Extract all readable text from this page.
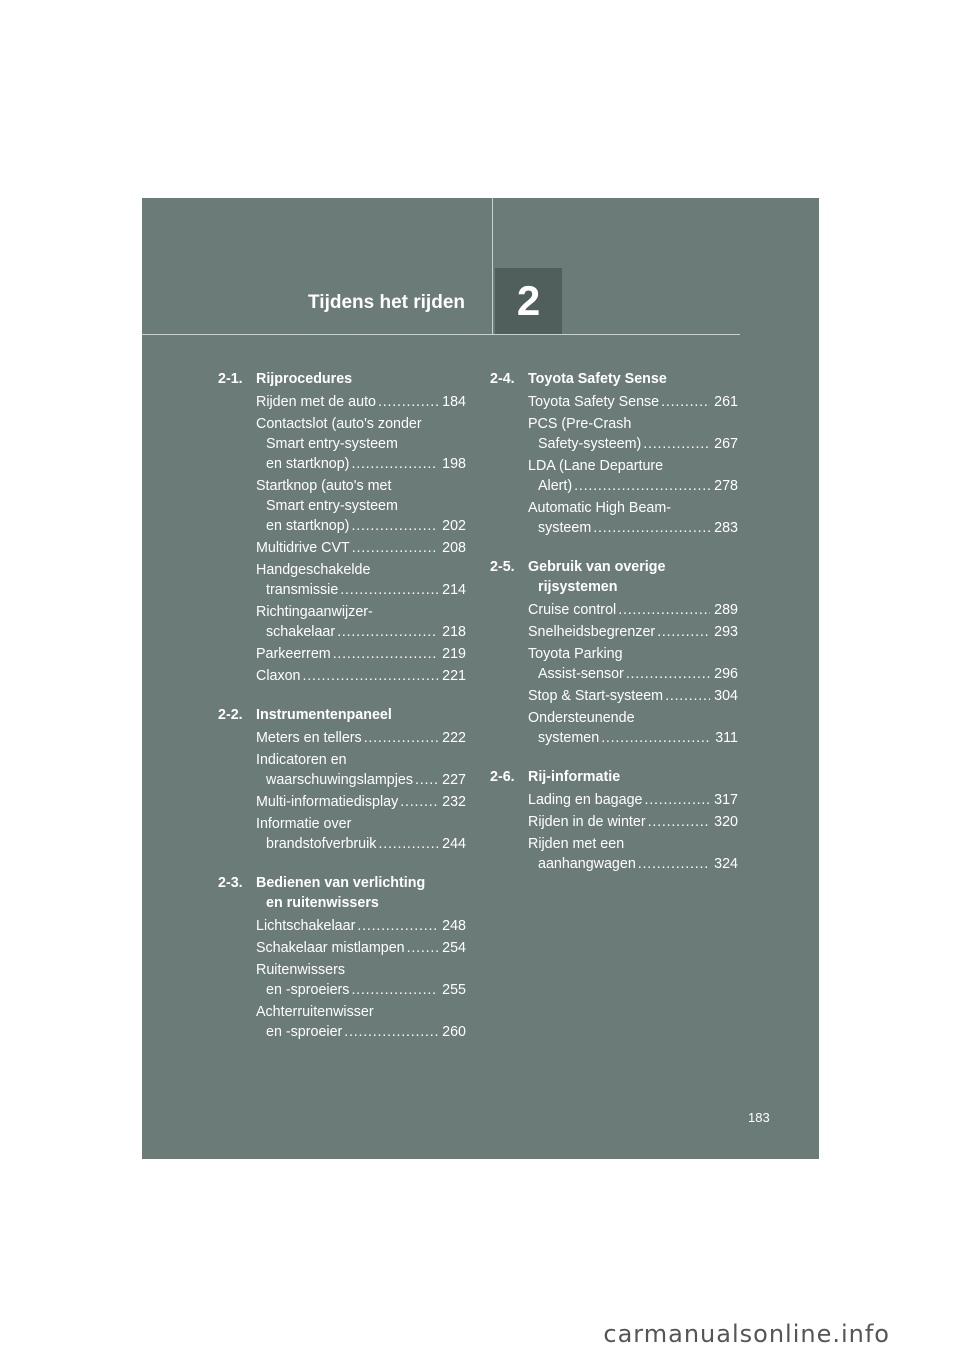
2
Tijdens het rijden
2-1. Rijprocedures
Rijden met de auto . . .	184
Contactslot (auto's zonder
Smart entry-systeem
en startknop) . . .	198
Startknop (auto's met
Smart entry-systeem
en startknop) . . .	202
Multidrive CVT . . .	208
Handgeschakelde
transmissie . . .	214
Richtingaanwijzer-
schakelaar . . .	218
Parkeerrem . . .	219
Claxon . . .	221
2-2. Instrumentenpaneel
Meters en tellers . . .	222
Indicatoren en
waarschuwingslampjes . . . 227
Multi-informatiedisplay . . .	232
Informatie over
brandstofverbruik . . .	244
2-3. Bedienen van verlichting
en ruitenwissers
Lichtschakelaar . . .	248
Schakelaar mistlampen . . .	254
Ruitenwissers
en -sproeiers . . .	255
Achterruitenwisser
en -sproeier . . .	260
2-4. Toyota Safety Sense
Toyota Safety Sense . . .	261
PCS (Pre-Crash
Safety-systeem) . . .	267
LDA (Lane Departure
Alert) . . .	278
Automatic High Beam-
systeem . . .	283
2-5. Gebruik van overige
rijsystemen
Cruise control . . .	289
Snelheidsbegrenzer . . .	293
Toyota Parking
Assist-sensor . . .	296
Stop & Start-systeem . . .	304
Ondersteunende
systemen . . .	311
2-6. Rij-informatie
Lading en bagage . . .	317
Rijden in de winter . . .	320
Rijden met een
aanhangwagen . . .	324
183
carmanualsonline.info
